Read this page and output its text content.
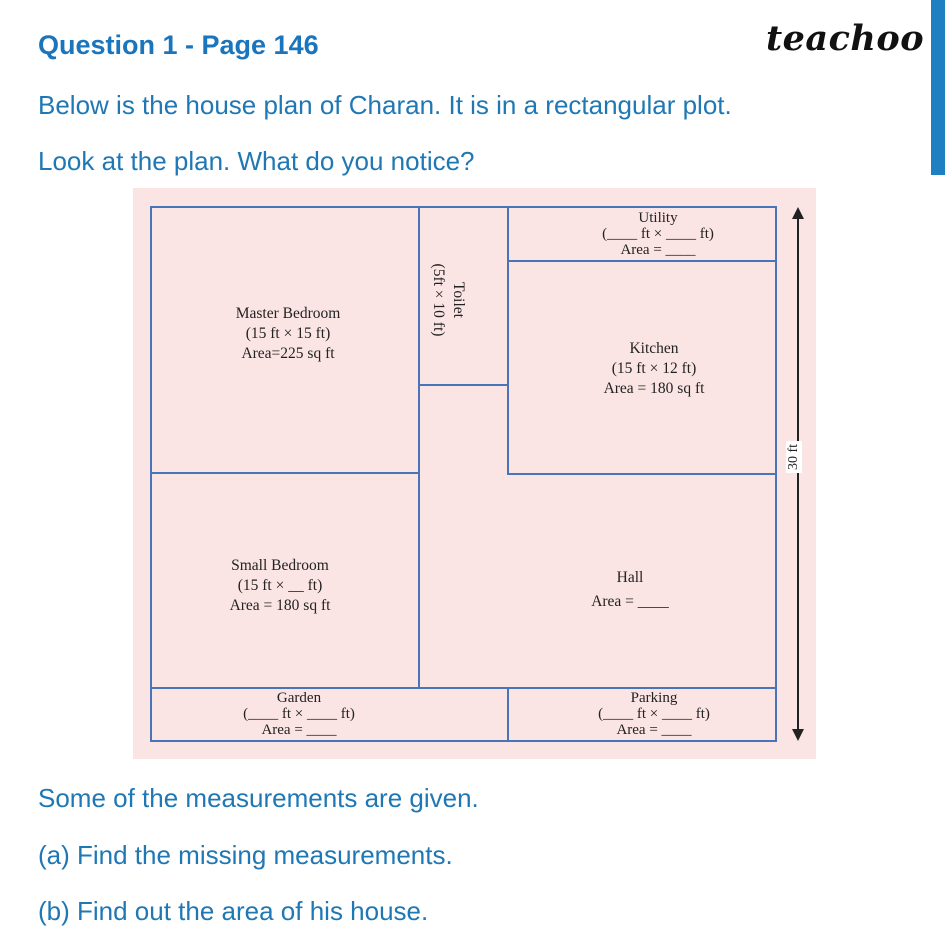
Question 1 - Page 146	teachoo
Below is the house plan of Charan. It is in a rectangular plot.
Look at the plan. What do you notice?
Master Bedroom
(15 ft × 15 ft)
Area=225 sq ft
Toilet
(5ft × 10 ft)
Utility
(____ ft × ____ ft)
Area = ____
Kitchen
(15 ft × 12 ft)
Area = 180 sq ft
Small Bedroom
(15 ft × __ ft)
Area = 180 sq ft
Hall
Area = ____
Garden
(____ ft × ____ ft)
Area = ____
Parking
(____ ft × ____ ft)
Area = ____
30 ft
Some of the measurements are given.
(a) Find the missing measurements.
(b) Find out the area of his house.
